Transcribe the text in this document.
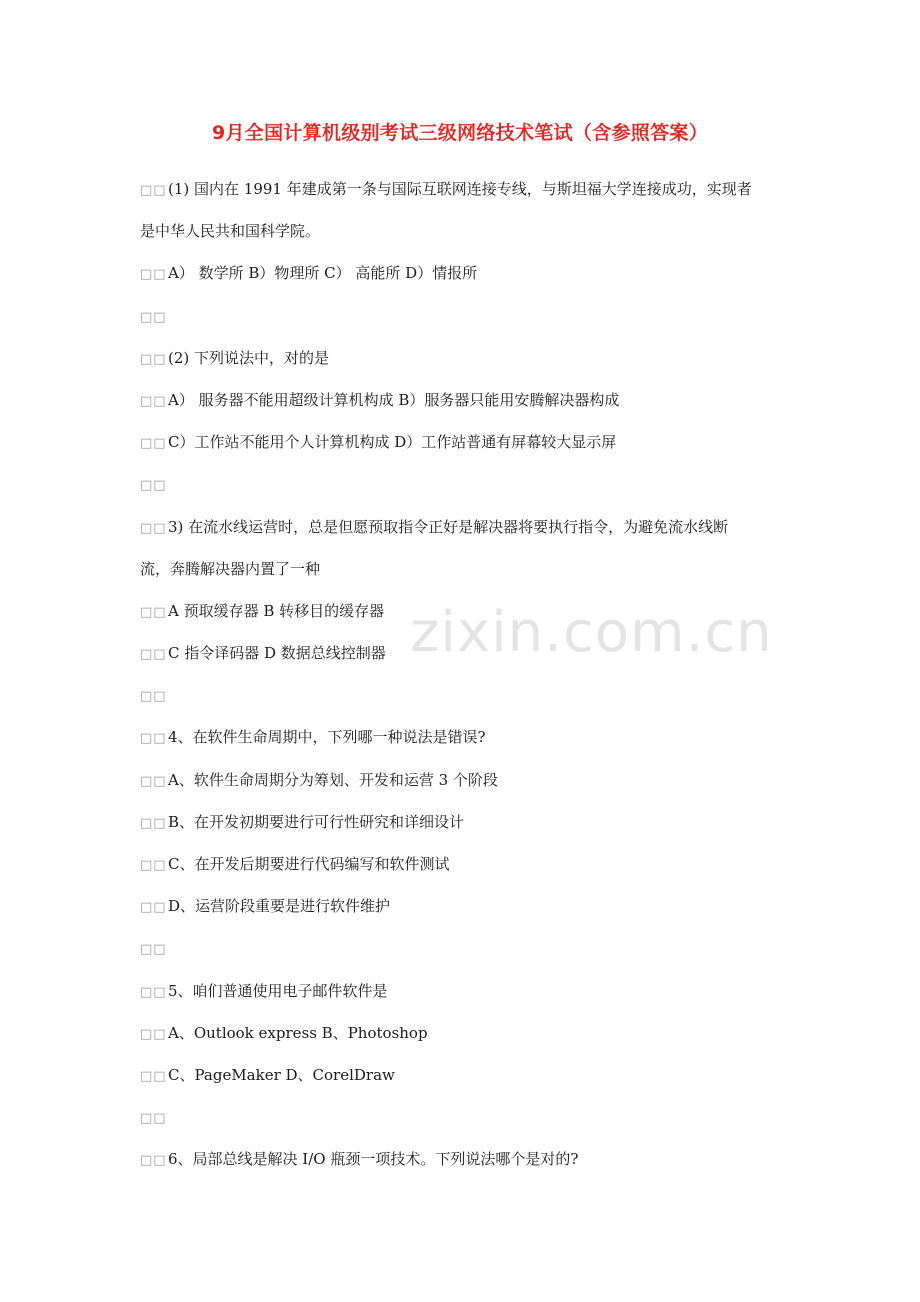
9月全国计算机级别考试三级网络技术笔试（含参照答案）
□□(1) 国内在 1991 年建成第一条与国际互联网连接专线，与斯坦福大学连接成功，实现者
是中华人民共和国科学院。
□□A） 数学所 B）物理所 C） 高能所 D）情报所
□□
□□(2) 下列说法中，对的是
□□A） 服务器不能用超级计算机构成 B）服务器只能用安腾解决器构成
□□C）工作站不能用个人计算机构成 D）工作站普通有屏幕较大显示屏
□□
□□3) 在流水线运营时，总是但愿预取指令正好是解决器将要执行指令，为避免流水线断
流，奔腾解决器内置了一种
□□A 预取缓存器 B 转移目的缓存器
□□C 指令译码器 D 数据总线控制器
□□
□□4、在软件生命周期中，下列哪一种说法是错误?
□□A、软件生命周期分为筹划、开发和运营 3 个阶段
□□B、在开发初期要进行可行性研究和详细设计
□□C、在开发后期要进行代码编写和软件测试
□□D、运营阶段重要是进行软件维护
□□
□□5、咱们普通使用电子邮件软件是
□□A、Outlook express B、Photoshop
□□C、PageMaker D、CorelDraw
□□
□□6、局部总线是解决 I/O 瓶颈一项技术。下列说法哪个是对的?
zixin.com.cn
